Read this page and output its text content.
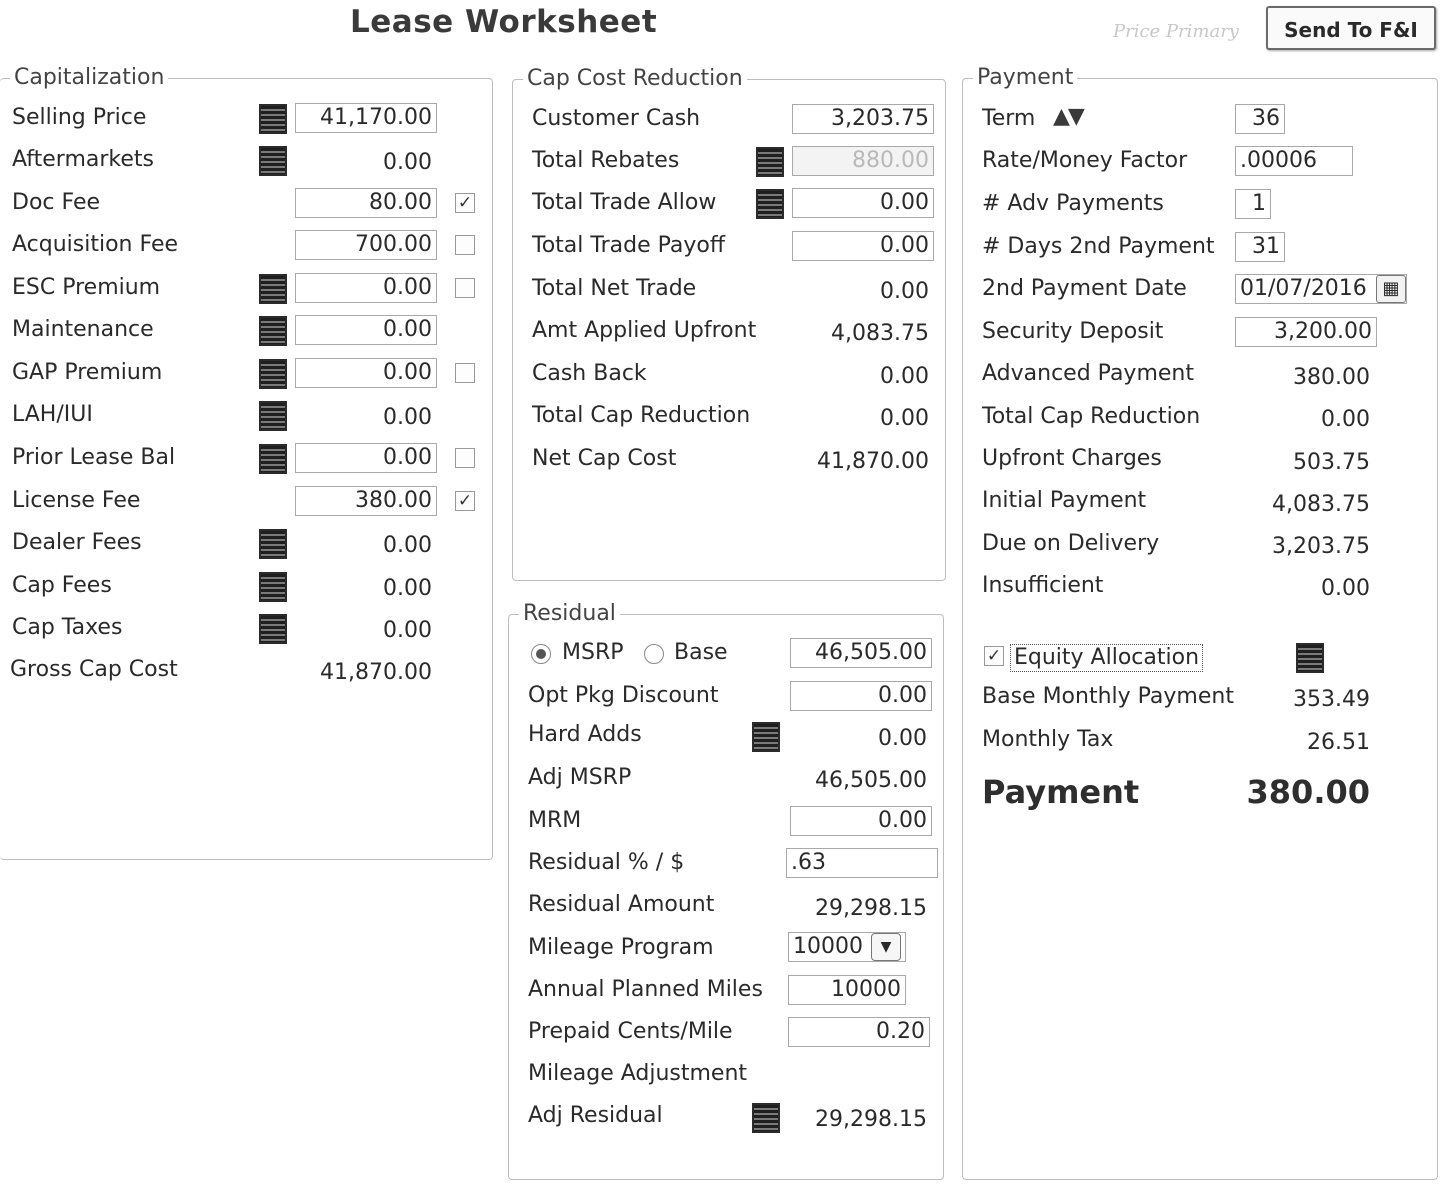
Lease Worksheet	Price Primary	Send To F&I
Capitalization
Selling Price	41,170.00
Aftermarkets	0.00
Doc Fee	80.00 ✓
Acquisition Fee	700.00
ESC Premium	0.00
Maintenance	0.00
GAP Premium	0.00
LAH/IUI	0.00
Prior Lease Bal	0.00
License Fee	380.00 ✓
Dealer Fees	0.00
Cap Fees	0.00
Cap Taxes	0.00
Gross Cap Cost	41,870.00
Cap Cost Reduction
Customer Cash	3,203.75
Total Rebates	880.00
Total Trade Allow	0.00
Total Trade Payoff	0.00
Total Net Trade	0.00
Amt Applied Upfront	4,083.75
Cash Back	0.00
Total Cap Reduction	0.00
Net Cap Cost	41,870.00
Residual
MSRP Base	46,505.00
Opt Pkg Discount	0.00
Hard Adds	0.00
Adj MSRP	46,505.00
MRM	0.00
Residual % / $	.63
Residual Amount	29,298.15
Mileage Program	10000	▼
Annual Planned Miles	10000
Prepaid Cents/Mile	0.20
Mileage Adjustment
Adj Residual	29,298.15
Payment
Term ▲▼	36
Rate/Money Factor .00006
# Adv Payments	1
# Days 2nd Payment	31
2nd Payment Date 01/07/2016 ▦
Security Deposit	3,200.00
Advanced Payment	380.00
Total Cap Reduction	0.00
Upfront Charges	503.75
Initial Payment	4,083.75
Due on Delivery	3,203.75
Insufficient	0.00
✓ Equity Allocation
Base Monthly Payment	353.49
Monthly Tax	26.51
Payment	380.00
